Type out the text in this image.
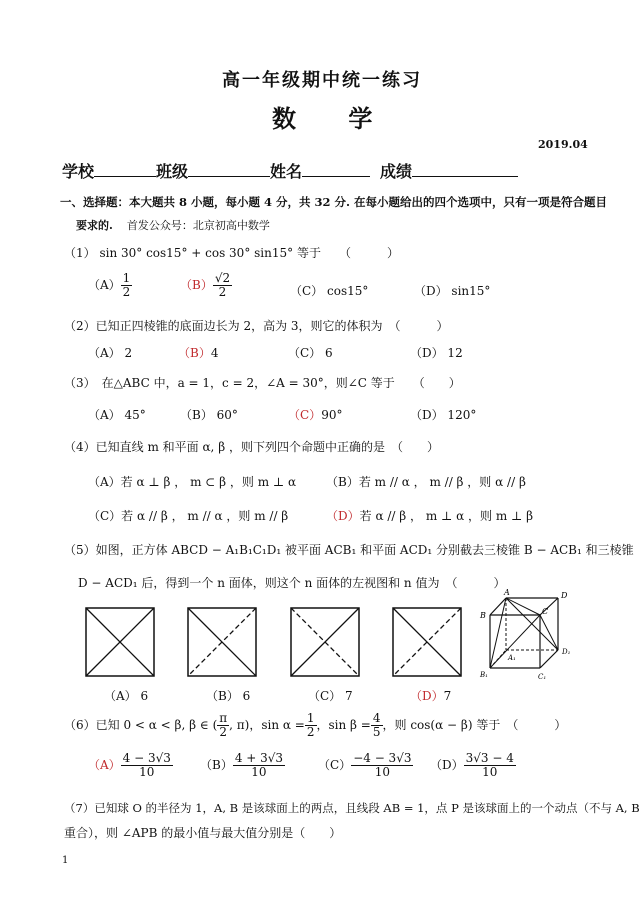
高一年级期中统一练习
数 学
2019.04
学校	班级	姓名	成绩
一、选择题：本大题共 8 小题，每小题 4 分，共 32 分. 在每小题给出的四个选项中，只有一项是符合题目
要求的. 首发公众号：北京初高中数学
（1） sin 30° cos15° + cos 30° sin15° 等于　　（　　　）
$(A) \frac{1}{2}$	$(B) \frac{√2}{2}$	（C） cos15°	（D） sin15°
（2）已知正四棱锥的底面边长为 2，高为 3，则它的体积为　（　　　）
（A） 2	（B）4	（C） 6	（D） 12
（3）　在△ABC 中，a = 1，c = 2，∠A = 30°，则∠C 等于　　（　　）
（A） 45°	（B） 60°	（C）90°	（D） 120°
（4）已知直线 m 和平面 α, β ，则下列四个命题中正确的是　（　　）
（A）若 α ⊥ β ， m ⊂ β ，则 m ⊥ α （B）若 m // α ， m // β ，则 α // β
（C）若 α // β ， m // α ，则 m // β	（D）若 α // β ， m ⊥ α ，则 m ⊥ β
（5）如图，正方体 ABCD − A₁B₁C₁D₁ 被平面 ACB₁ 和平面 ACD₁ 分别截去三棱锥 B − ACB₁ 和三棱锥
D − ACD₁ 后，得到一个 n 面体，则这个 n 面体的左视图和 n 值为　（　　　）
A
B	C
D
A₁
B₁	C₁
D₁
（A） 6	（B） 6	（C） 7	（D）7
（6）已知 0 < α < β, β ∈ ( $\frac{\pi}{2}$ , π)，$\sin \alpha = \frac{1}{2}$ ，$\sin \beta = \frac{4}{5}$ ，则 cos(α − β) 等于　（　　　）
$(A) \frac{4 - 3√3}{10} (B) \frac{4 + 3√3}{10}$	$(C) \frac{-4 - 3√3}{10} (D) \frac{3√3 - 4}{10}$
（7）已知球 O 的半径为 1，A, B 是该球面上的两点，且线段 AB = 1，点 P 是该球面上的一个动点（不与 A, B
重合），则 ∠APB 的最小值与最大值分别是（　　）
1
